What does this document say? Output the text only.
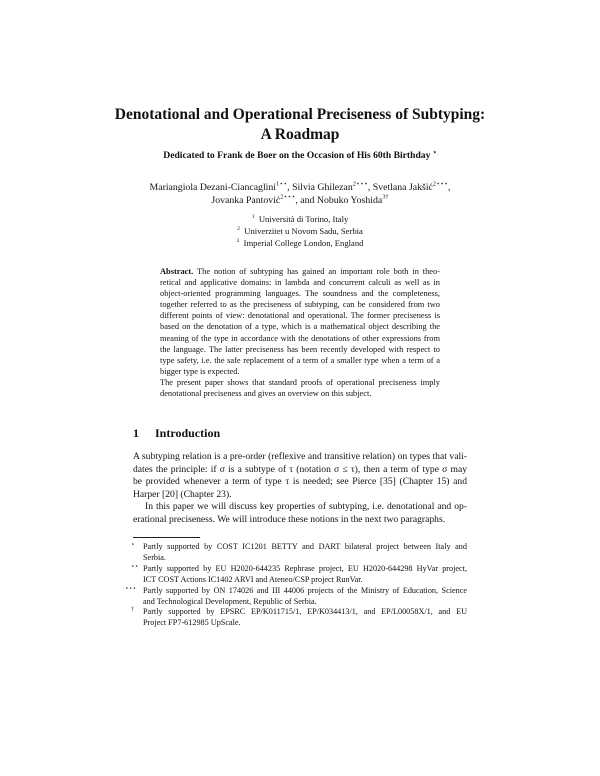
Denotational and Operational Preciseness of Subtyping:
A Roadmap
Dedicated to Frank de Boer on the Occasion of His 60th Birthday ⋆
Mariangiola Dezani-Ciancaglini$^{1⋆⋆}$, Silvia Ghilezan$^{2⋆⋆⋆}$, Svetlana Jakšić$^{2⋆⋆⋆}$,
Jovanka Pantović$^{2⋆⋆⋆}$, and Nobuko Yoshida$^{3\dagger}$
$^1$ Università di Torino, Italy
$^2$ Univerzitet u Novom Sadu, Serbia
$^3$ Imperial College London, England
Abstract. The notion of subtyping has gained an important role both in theo-
retical and applicative domains: in lambda and concurrent calculi as well as in
object-oriented programming languages. The soundness and the completeness,
together referred to as the preciseness of subtyping, can be considered from two
different points of view: denotational and operational. The former preciseness is
based on the denotation of a type, which is a mathematical object describing the
meaning of the type in accordance with the denotations of other expressions from
the language. The latter preciseness has been recently developed with respect to
type safety, i.e. the safe replacement of a term of a smaller type when a term of a
bigger type is expected.
The present paper shows that standard proofs of operational preciseness imply
denotational preciseness and gives an overview on this subject.
1 Introduction
A subtyping relation is a pre-order (reflexive and transitive relation) on types that vali-
dates the principle: if σ is a subtype of τ (notation σ ≤ τ), then a term of type σ may
be provided whenever a term of type τ is needed; see Pierce [35] (Chapter 15) and
Harper [20] (Chapter 23).
In this paper we will discuss key properties of subtyping, i.e. denotational and op-
erational preciseness. We will introduce these notions in the next two paragraphs.
⋆ Partly supported by COST IC1201 BETTY and DART bilateral project between Italy and
Serbia.
⋆⋆ Partly supported by EU H2020-644235 Rephrase project, EU H2020-644298 HyVar project,
ICT COST Actions IC1402 ARVI and Ateneo/CSP project RunVar.
⋆⋆⋆ Partly supported by ON 174026 and III 44006 projects of the Ministry of Education, Science
and Technological Development, Republic of Serbia.
† Partly supported by EPSRC EP/K011715/1, EP/K034413/1, and EP/L00058X/1, and EU
Project FP7-612985 UpScale.
